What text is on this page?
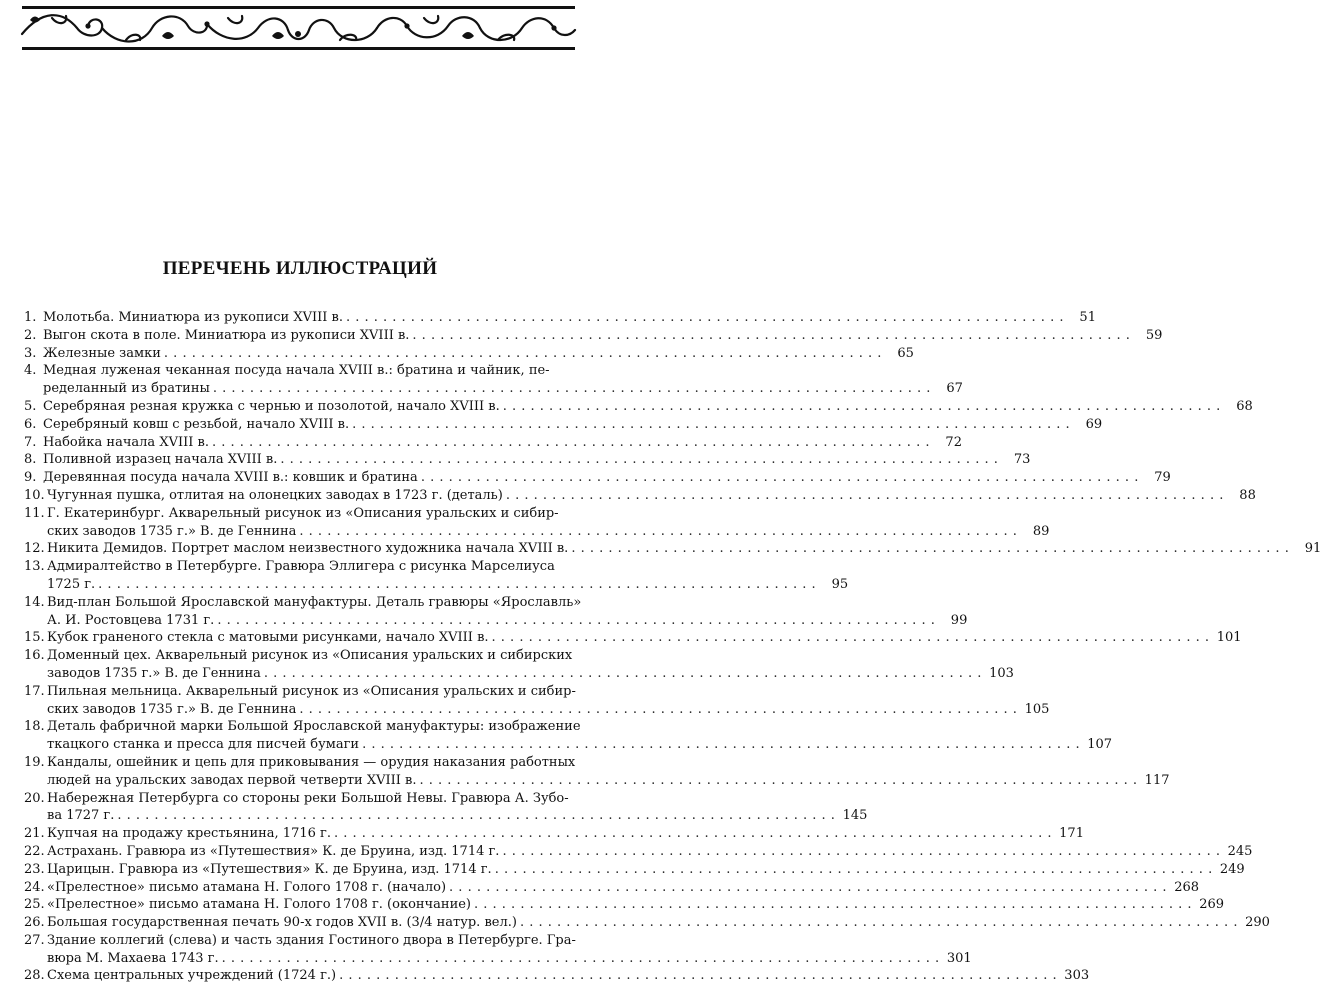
ПЕРЕЧЕНЬ ИЛЛЮСТРАЦИЙ
1. Молотьба. Миниатюра из рукописи XVIII в. . . .	51
2. Выгон скота в поле. Миниатюра из рукописи XVIII в. . . .	59
3. Железные замки . . .	65
4. Медная луженая чеканная посуда начала XVIII в.: братина и чайник, пе-
ределанный из братины . . .	67
5. Серебряная резная кружка с чернью и позолотой, начало XVIII в. . . .	68
6. Серебряный ковш с резьбой, начало XVIII в. . . .	69
7. Набойка начала XVIII в. . . .	72
8. Поливной изразец начала XVIII в. . . .	73
9. Деревянная посуда начала XVIII в.: ковшик и братина . . .	79
10. Чугунная пушка, отлитая на олонецких заводах в 1723 г. (деталь) . . .	88
11. Г. Екатеринбург. Акварельный рисунок из «Описания уральских и сибир-
ских заводов 1735 г.» В. де Геннина . . .	89
12. Никита Демидов. Портрет маслом неизвестного художника начала XVIII в. . . .	91
13. Адмиралтейство в Петербурге. Гравюра Эллигера с рисунка Марселиуса
1725 г. . . .	95
14. Вид-план Большой Ярославской мануфактуры. Деталь гравюры «Ярославль»
А. И. Ростовцева 1731 г. . . .	99
15. Кубок граненого стекла с матовыми рисунками, начало XVIII в. . . .	101
16. Доменный цех. Акварельный рисунок из «Описания уральских и сибирских
заводов 1735 г.» В. де Геннина . . .	103
17. Пильная мельница. Акварельный рисунок из «Описания уральских и сибир-
ских заводов 1735 г.» В. де Геннина . . .	105
18. Деталь фабричной марки Большой Ярославской мануфактуры: изображение
ткацкого станка и пресса для писчей бумаги . . .	107
19. Кандалы, ошейник и цепь для приковывания — орудия наказания работных
людей на уральских заводах первой четверти XVIII в. . . .	117
20. Набережная Петербурга со стороны реки Большой Невы. Гравюра А. Зубо-
ва 1727 г. . . .	145
21. Купчая на продажу крестьянина, 1716 г. . . .	171
22. Астрахань. Гравюра из «Путешествия» К. де Бруина, изд. 1714 г. . . .	245
23. Царицын. Гравюра из «Путешествия» К. де Бруина, изд. 1714 г. . . .	249
24. «Прелестное» письмо атамана Н. Голого 1708 г. (начало) . . .	268
25. «Прелестное» письмо атамана Н. Голого 1708 г. (окончание) . . .	269
26. Большая государственная печать 90-х годов XVII в. (3/4 натур. вел.) . . .	290
27. Здание коллегий (слева) и часть здания Гостиного двора в Петербурге. Гра-
вюра М. Махаева 1743 г. . . .	301
28. Схема центральных учреждений (1724 г.) . . .	303
